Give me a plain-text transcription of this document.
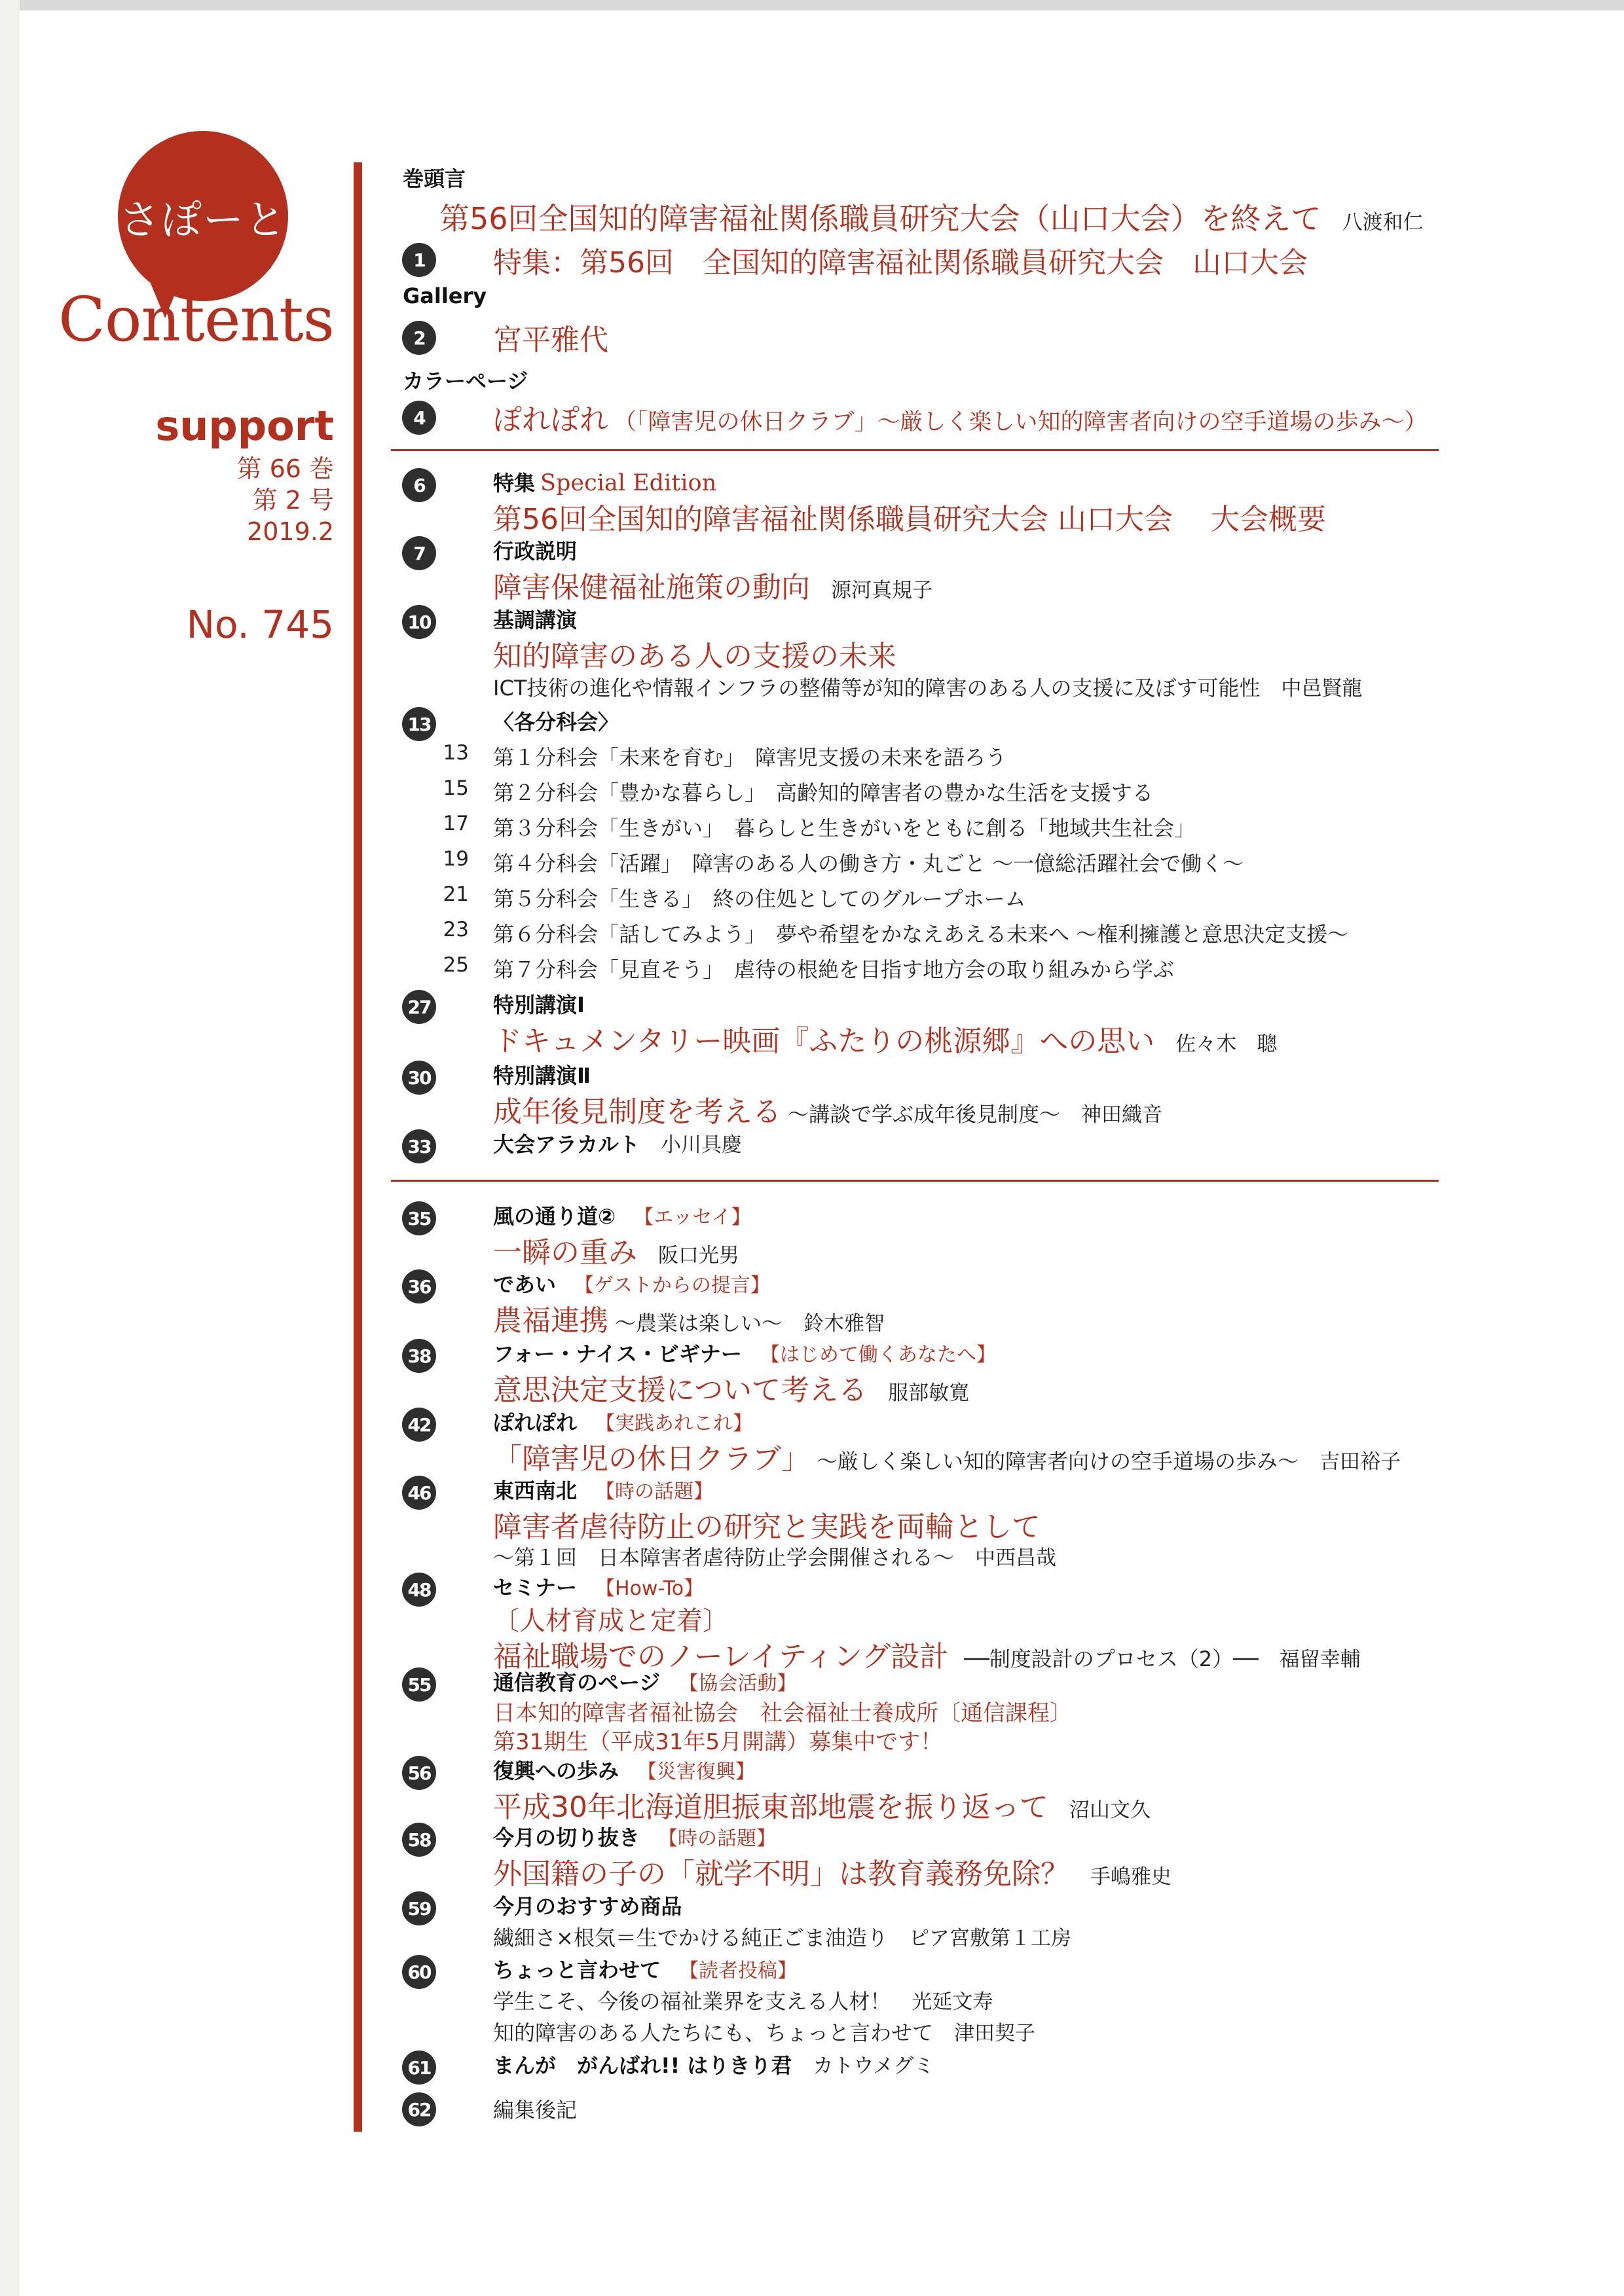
さぽーと
Contents
support
第 66 巻
第 2 号
2019.2
No. 745
巻頭言
第56回全国知的障害福祉関係職員研究大会（山口大会）を終えて 八渡和仁
1	特集：第56回　全国知的障害福祉関係職員研究大会　山口大会
Gallery
2	宮平雅代
カラーページ
4	ぽれぽれ （「障害児の休日クラブ」〜厳しく楽しい知的障害者向けの空手道場の歩み〜）
6	特集 Special Edition
第56回全国知的障害福祉関係職員研究大会 山口大会　 大会概要
7	行政説明
障害保健福祉施策の動向 源河真規子
10	基調講演
知的障害のある人の支援の未来
ICT技術の進化や情報インフラの整備等が知的障害のある人の支援に及ぼす可能性 中邑賢龍
13	〈各分科会〉
13 第１分科会「未来を育む」　障害児支援の未来を語ろう
15 第２分科会「豊かな暮らし」　高齢知的障害者の豊かな生活を支援する
17 第３分科会「生きがい」　暮らしと生きがいをともに創る「地域共生社会」
19 第４分科会「活躍」　障害のある人の働き方・丸ごと 〜一億総活躍社会で働く〜
21 第５分科会「生きる」　終の住処としてのグループホーム
23 第６分科会「話してみよう」　夢や希望をかなえあえる未来へ 〜権利擁護と意思決定支援〜
25 第７分科会「見直そう」　虐待の根絶を目指す地方会の取り組みから学ぶ
27	特別講演Ⅰ
ドキュメンタリー映画『ふたりの桃源郷』への思い 佐々木　聰
30	特別講演Ⅱ
成年後見制度を考える 〜講談で学ぶ成年後見制度〜 神田織音
33	大会アラカルト 小川具慶
35	風の通り道② 【エッセイ】
一瞬の重み 阪口光男
36	であい 【ゲストからの提言】
農福連携 〜農業は楽しい〜 鈴木雅智
38	フォー・ナイス・ビギナー 【はじめて働くあなたへ】
意思決定支援について考える 服部敏寛
42	ぽれぽれ 【実践あれこれ】
「障害児の休日クラブ」 〜厳しく楽しい知的障害者向けの空手道場の歩み〜 吉田裕子
46	東西南北 【時の話題】
障害者虐待防止の研究と実践を両輪として
〜第１回　日本障害者虐待防止学会開催される〜 中西昌哉
48	セミナー 【How-To】
〔人材育成と定着〕
福祉職場でのノーレイティング設計 ──制度設計のプロセス（2）── 福留幸輔
55	通信教育のページ 【協会活動】
日本知的障害者福祉協会　社会福祉士養成所〔通信課程〕
第31期生（平成31年5月開講）募集中です！
56	復興への歩み 【災害復興】
平成30年北海道胆振東部地震を振り返って 沼山文久
58	今月の切り抜き 【時の話題】
外国籍の子の「就学不明」は教育義務免除？ 手嶋雅史
59	今月のおすすめ商品
繊細さ×根気＝生でかける純正ごま油造り ピア宮敷第１工房
60	ちょっと言わせて 【読者投稿】
学生こそ、今後の福祉業界を支える人材！ 光延文寿
知的障害のある人たちにも、ちょっと言わせて 津田契子
61	まんが　がんばれ!! はりきり君 カトウメグミ
62	編集後記
